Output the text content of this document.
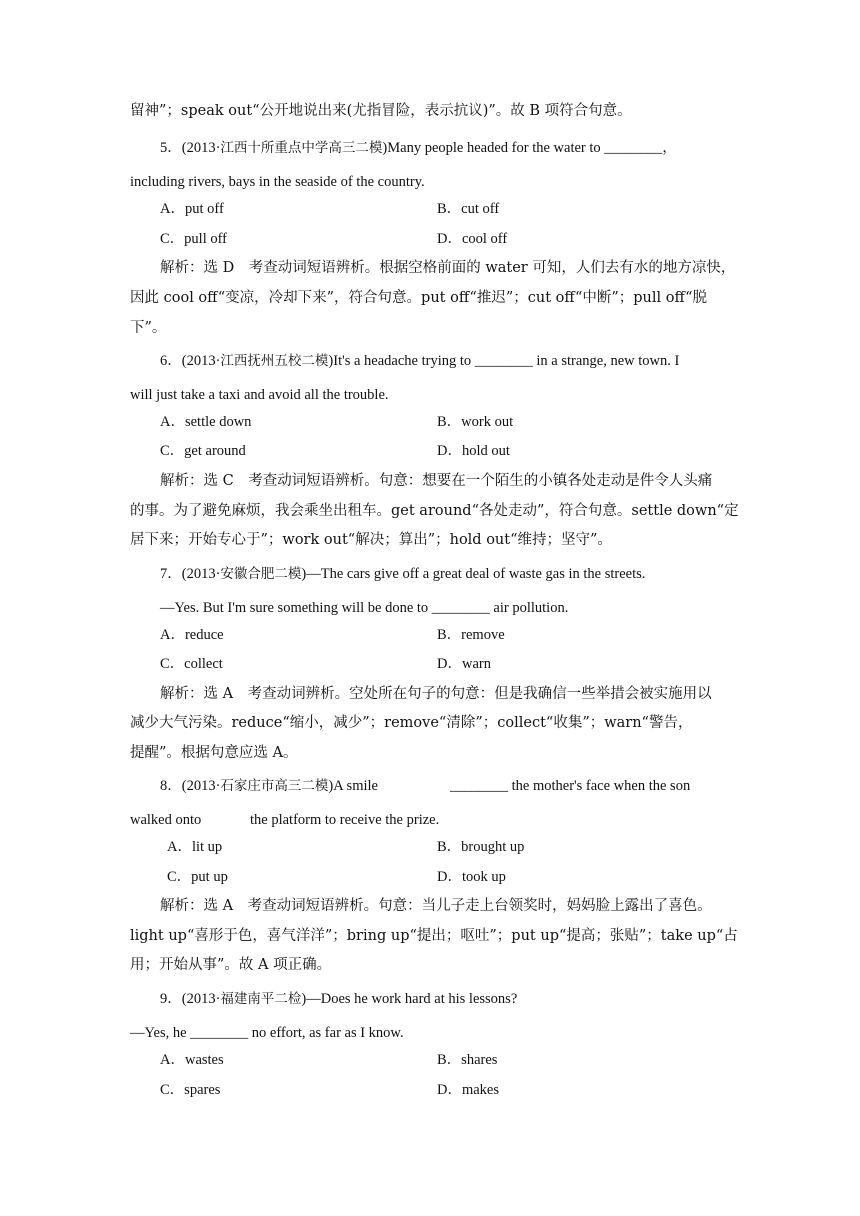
留神”；speak out“公开地说出来(尤指冒险，表示抗议)”。故 B 项符合句意。
5．(2013·江西十所重点中学高三二模)Many people headed for the water to ________，
including rivers, bays in the seaside of the country.
A．put off	B．cut off
C．pull off	D．cool off
解析：选 D　考查动词短语辨析。根据空格前面的 water 可知，人们去有水的地方凉快，
因此 cool off“变凉，冷却下来”，符合句意。put off“推迟”；cut off“中断”；pull off“脱
下”。
6．(2013·江西抚州五校二模)It's a headache trying to ________ in a strange, new town. I
will just take a taxi and avoid all the trouble.
A．settle down	B．work out
C．get around	D．hold out
解析：选 C　考查动词短语辨析。句意：想要在一个陌生的小镇各处走动是件令人头痛
的事。为了避免麻烦，我会乘坐出租车。get around“各处走动”，符合句意。settle down“定
居下来；开始专心于”；work out“解决；算出”；hold out“维持；坚守”。
7．(2013·安徽合肥二模)—The cars give off a great deal of waste gas in the streets.
—Yes. But I'm sure something will be done to ________ air pollution.
A．reduce	B．remove
C．collect	D．warn
解析：选 A　考查动词辨析。空处所在句子的句意：但是我确信一些举措会被实施用以
减少大气污染。reduce“缩小，减少”；remove“清除”；collect“收集”；warn“警告，
提醒”。根据句意应选 A。
8．(2013·石家庄市高三二模)A smile	________ the mother's face when the son
walked onto	the platform to receive the prize.
A．lit up	B．brought up
C．put up	D．took up
解析：选 A　考查动词短语辨析。句意：当儿子走上台领奖时，妈妈脸上露出了喜色。
light up“喜形于色，喜气洋洋”；bring up“提出；呕吐”；put up“提高；张贴”；take up“占
用；开始从事”。故 A 项正确。
9．(2013·福建南平二检)—Does he work hard at his lessons?
—Yes, he ________ no effort, as far as I know.
A．wastes	B．shares
C．spares	D．makes
